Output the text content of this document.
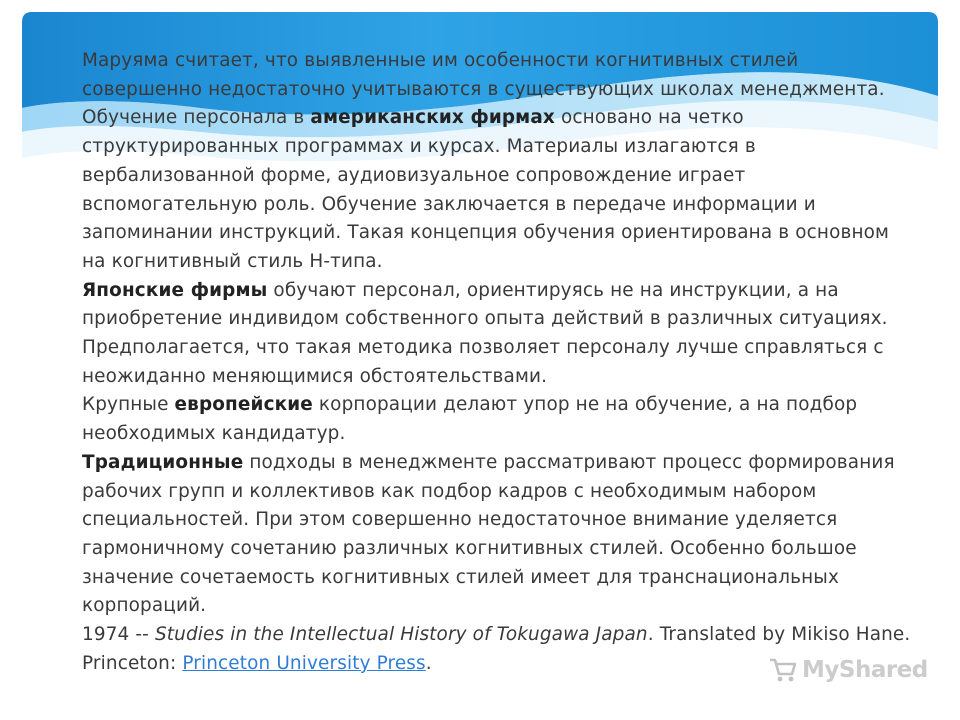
Маруяма считает, что выявленные им особенности когнитивных стилей совершенно недостаточно учитываются в существующих школах менеджмента.

Обучение персонала в американских фирмах основано на четко структурированных программах и курсах. Материалы излагаются в вербализованной форме, аудиовизуальное сопровождение играет вспомогательную роль. Обучение заключается в передаче информации и запоминании инструкций. Такая концепция обучения ориентирована в основном на когнитивный стиль Н-типа.

Японские фирмы обучают персонал, ориентируясь не на инструкции, а на приобретение индивидом собственного опыта действий в различных ситуациях. Предполагается, что такая методика позволяет персоналу лучше справляться с неожиданно меняющимися обстоятельствами.

Крупные европейские корпорации делают упор не на обучение, а на подбор необходимых кандидатур.

Традиционные подходы в менеджменте рассматривают процесс формирования рабочих групп и коллективов как подбор кадров с необходимым набором специальностей. При этом совершенно недостаточное внимание уделяется гармоничному сочетанию различных когнитивных стилей. Особенно большое значение сочетаемость когнитивных стилей имеет для транснациональных корпораций.

1974 -- Studies in the Intellectual History of Tokugawa Japan. Translated by Mikiso Hane. Princeton: Princeton University Press.	MyShared
